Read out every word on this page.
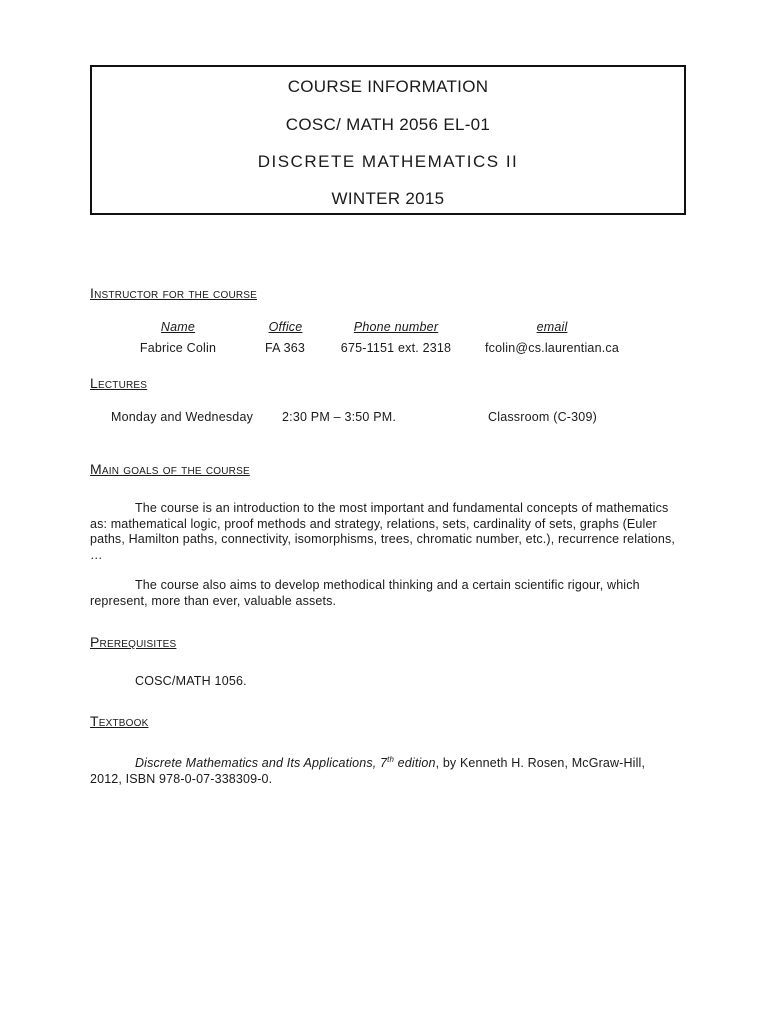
COURSE INFORMATION
COSC/ MATH 2056 EL-01
DISCRETE MATHEMATICS II
WINTER 2015
Instructor for the course
Name	Office	Phone number	email
Fabrice Colin	FA 363	675-1151 ext. 2318	fcolin@cs.laurentian.ca
Lectures
Monday and Wednesday 2:30 PM – 3:50 PM.	Classroom (C-309)
Main goals of the course
The course is an introduction to the most important and fundamental concepts of mathematics as: mathematical logic, proof methods and strategy, relations, sets, cardinality of sets, graphs (Euler paths, Hamilton paths, connectivity, isomorphisms, trees, chromatic number, etc.), recurrence relations, …
The course also aims to develop methodical thinking and a certain scientific rigour, which represent, more than ever, valuable assets.
Prerequisites
COSC/MATH 1056.
Textbook
Discrete Mathematics and Its Applications, 7th edition, by Kenneth H. Rosen, McGraw-Hill, 2012, ISBN 978-0-07-338309-0.
